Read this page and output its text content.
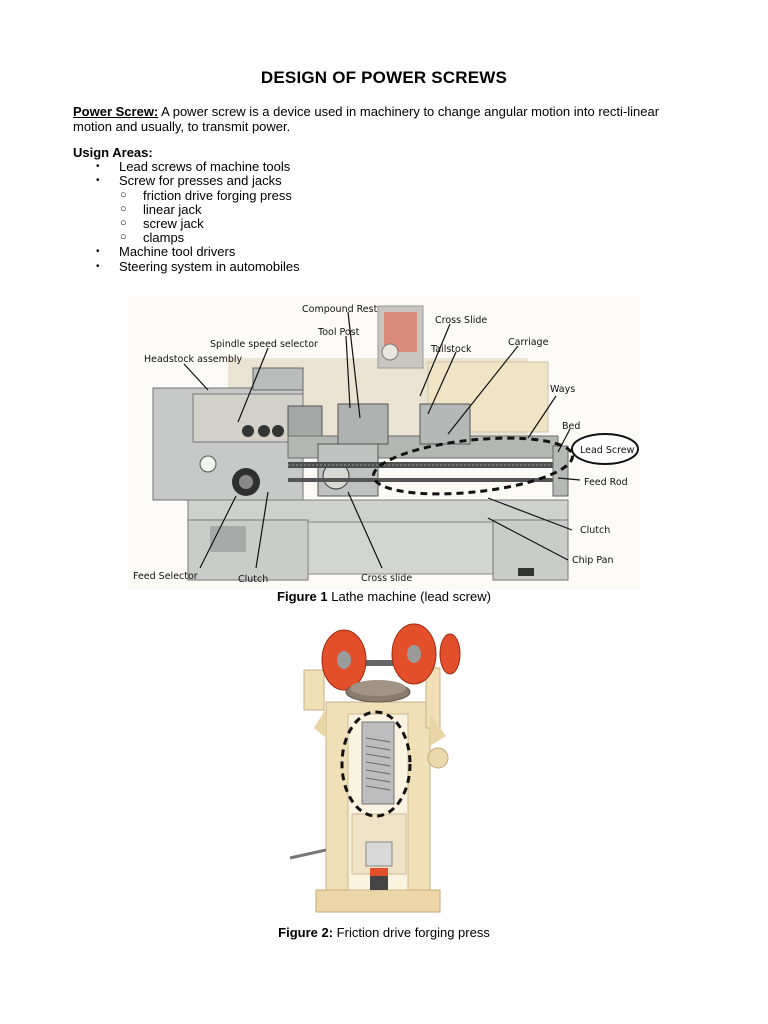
DESIGN OF POWER SCREWS
Power Screw: A power screw is a device used in machinery to change angular motion into recti-linear motion and usually, to transmit power.
Usign Areas:
• Lead screws of machine tools
• Screw for presses and jacks
○ friction drive forging press
○ linear jack
○ screw jack
○ clamps
• Machine tool drivers
• Steering system in automobiles
Compound Rest
Cross Slide
Tool Post
Tailstock
Carriage
Spindle speed selector
Headstock assembly
Ways
Bed
Lead Screw
Feed Rod
Clutch
Chip Pan
Feed Selector	Clutch	Cross slide
Figure 1 Lathe machine (lead screw)
Figure 2: Friction drive forging press
